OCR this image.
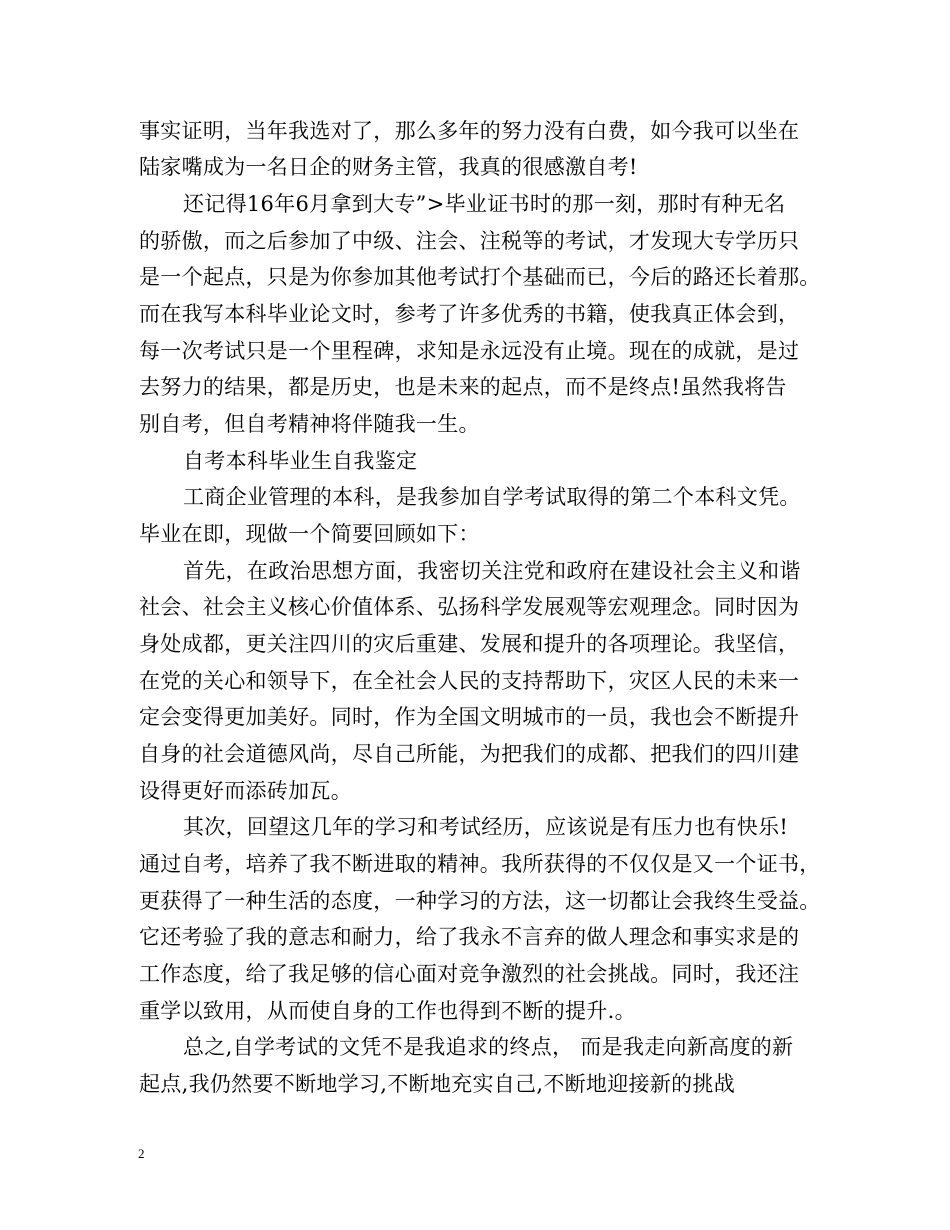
事实证明，当年我选对了，那么多年的努力没有白费，如今我可以坐在
陆家嘴成为一名日企的财务主管，我真的很感激自考!
还记得16年6月拿到大专”>毕业证书时的那一刻，那时有种无名
的骄傲，而之后参加了中级、注会、注税等的考试，才发现大专学历只
是一个起点，只是为你参加其他考试打个基础而已，今后的路还长着那。
而在我写本科毕业论文时，参考了许多优秀的书籍，使我真正体会到，
每一次考试只是一个里程碑，求知是永远没有止境。现在的成就，是过
去努力的结果，都是历史，也是未来的起点，而不是终点!虽然我将告
别自考，但自考精神将伴随我一生。
自考本科毕业生自我鉴定
工商企业管理的本科，是我参加自学考试取得的第二个本科文凭。
毕业在即，现做一个简要回顾如下：
首先，在政治思想方面，我密切关注党和政府在建设社会主义和谐
社会、社会主义核心价值体系、弘扬科学发展观等宏观理念。同时因为
身处成都，更关注四川的灾后重建、发展和提升的各项理论。我坚信，
在党的关心和领导下，在全社会人民的支持帮助下，灾区人民的未来一
定会变得更加美好。同时，作为全国文明城市的一员，我也会不断提升
自身的社会道德风尚，尽自己所能，为把我们的成都、把我们的四川建
设得更好而添砖加瓦。
其次，回望这几年的学习和考试经历，应该说是有压力也有快乐!
通过自考，培养了我不断进取的精神。我所获得的不仅仅是又一个证书，
更获得了一种生活的态度，一种学习的方法，这一切都让会我终生受益。
它还考验了我的意志和耐力，给了我永不言弃的做人理念和事实求是的
工作态度，给了我足够的信心面对竞争激烈的社会挑战。同时，我还注
重学以致用，从而使自身的工作也得到不断的提升.。
总之,自学考试的文凭不是我追求的终点， 而是我走向新高度的新
起点,我仍然要不断地学习,不断地充实自己,不断地迎接新的挑战
2
